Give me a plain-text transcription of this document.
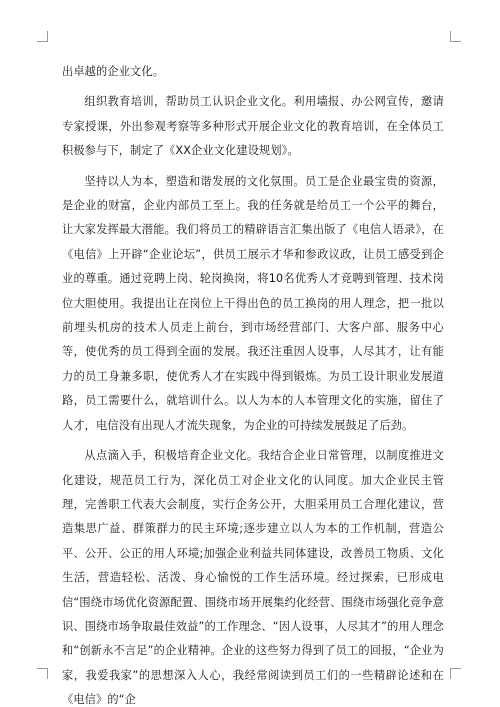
出卓越的企业文化。

组织教育培训，帮助员工认识企业文化。利用墙报、办公网宣传，邀请专家授课，外出参观考察等多种形式开展企业文化的教育培训，在全体员工积极参与下，制定了《XX企业文化建设规划》。

坚持以人为本，塑造和谐发展的文化氛围。员工是企业最宝贵的资源，是企业的财富，企业内部员工至上。我的任务就是给员工一个公平的舞台，让大家发挥最大潜能。我们将员工的精辟语言汇集出版了《电信人语录》，在《电信》上开辟“企业论坛”，供员工展示才华和参政议政，让员工感受到企业的尊重。通过竞聘上岗、轮岗换岗，将10名优秀人才竞聘到管理、技术岗位大胆使用。我提出让在岗位上干得出色的员工换岗的用人理念，把一批以前埋头机房的技术人员走上前台，到市场经营部门、大客户部、服务中心等，使优秀的员工得到全面的发展。我还注重因人设事，人尽其才，让有能力的员工身兼多职，使优秀人才在实践中得到锻炼。为员工设计职业发展道路，员工需要什么，就培训什么。以人为本的人本管理文化的实施，留住了人才，电信没有出现人才流失现象，为企业的可持续发展鼓足了后劲。

从点滴入手，积极培育企业文化。我结合企业日常管理，以制度推进文化建设，规范员工行为，深化员工对企业文化的认同度。加大企业民主管理，完善职工代表大会制度，实行企务公开，大胆采用员工合理化建议，营造集思广益、群策群力的民主环境;逐步建立以人为本的工作机制，营造公平、公开、公正的用人环境;加强企业利益共同体建设，改善员工物质、文化生活，营造轻松、活泼、身心愉悦的工作生活环境。经过探索，已形成电信“围绕市场优化资源配置、围绕市场开展集约化经营、围绕市场强化竞争意识、围绕市场争取最佳效益”的工作理念、“因人设事，人尽其才”的用人理念和“创新永不言足”的企业精神。企业的这些努力得到了员工的回报，“企业为家，我爱我家”的思想深入人心，我经常阅读到员工们的一些精辟论述和在《电信》的“企
